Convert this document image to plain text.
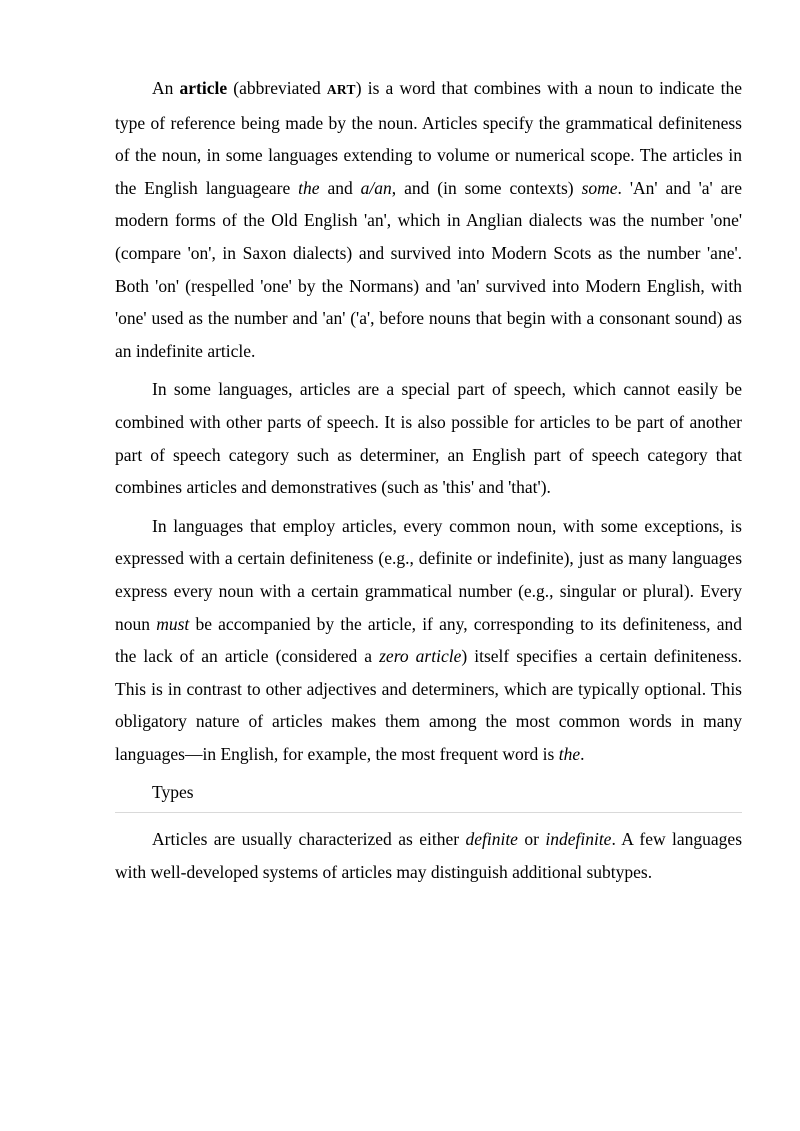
An article (abbreviated ART) is a word that combines with a noun to indicate the type of reference being made by the noun. Articles specify the grammatical definiteness of the noun, in some languages extending to volume or numerical scope. The articles in the English languageare the and a/an, and (in some contexts) some. 'An' and 'a' are modern forms of the Old English 'an', which in Anglian dialects was the number 'one' (compare 'on', in Saxon dialects) and survived into Modern Scots as the number 'ane'. Both 'on' (respelled 'one' by the Normans) and 'an' survived into Modern English, with 'one' used as the number and 'an' ('a', before nouns that begin with a consonant sound) as an indefinite article.

In some languages, articles are a special part of speech, which cannot easily be combined with other parts of speech. It is also possible for articles to be part of another part of speech category such as determiner, an English part of speech category that combines articles and demonstratives (such as 'this' and 'that').

In languages that employ articles, every common noun, with some exceptions, is expressed with a certain definiteness (e.g., definite or indefinite), just as many languages express every noun with a certain grammatical number (e.g., singular or plural). Every noun must be accompanied by the article, if any, corresponding to its definiteness, and the lack of an article (considered a zero article) itself specifies a certain definiteness. This is in contrast to other adjectives and determiners, which are typically optional. This obligatory nature of articles makes them among the most common words in many languages—in English, for example, the most frequent word is the.

Types

Articles are usually characterized as either definite or indefinite. A few languages with well-developed systems of articles may distinguish additional subtypes.
